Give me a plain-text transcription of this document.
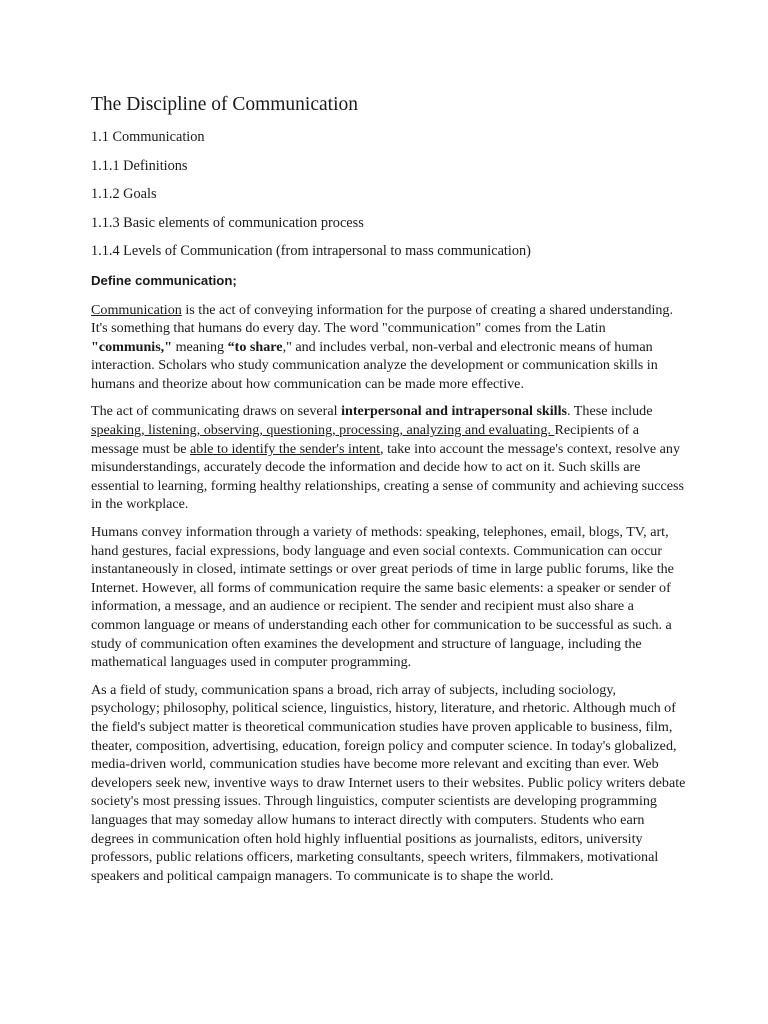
The Discipline of Communication
1.1 Communication
1.1.1 Definitions
1.1.2 Goals
1.1.3 Basic elements of communication process
1.1.4 Levels of Communication (from intrapersonal to mass communication)
Define communication;

Communication is the act of conveying information for the purpose of creating a shared understanding. It's something that humans do every day. The word "communication" comes from the Latin "communis," meaning “to share," and includes verbal, non-verbal and electronic means of human interaction. Scholars who study communication analyze the development or communication skills in humans and theorize about how communication can be made more effective.

The act of communicating draws on several interpersonal and intrapersonal skills. These include speaking, listening, observing, questioning, processing, analyzing and evaluating. Recipients of a message must be able to identify the sender's intent, take into account the message's context, resolve any misunderstandings, accurately decode the information and decide how to act on it. Such skills are essential to learning, forming healthy relationships, creating a sense of community and achieving success in the workplace.

Humans convey information through a variety of methods: speaking, telephones, email, blogs, TV, art, hand gestures, facial expressions, body language and even social contexts. Communication can occur instantaneously in closed, intimate settings or over great periods of time in large public forums, like the Internet. However, all forms of communication require the same basic elements: a speaker or sender of information, a message, and an audience or recipient. The sender and recipient must also share a common language or means of understanding each other for communication to be successful as such. a study of communication often examines the development and structure of language, including the mathematical languages used in computer programming.

As a field of study, communication spans a broad, rich array of subjects, including sociology, psychology; philosophy, political science, linguistics, history, literature, and rhetoric. Although much of the field's subject matter is theoretical communication studies have proven applicable to business, film, theater, composition, advertising, education, foreign policy and computer science. In today's globalized, media-driven world, communication studies have become more relevant and exciting than ever. Web developers seek new, inventive ways to draw Internet users to their websites. Public policy writers debate society's most pressing issues. Through linguistics, computer scientists are developing programming languages that may someday allow humans to interact directly with computers. Students who earn degrees in communication often hold highly influential positions as journalists, editors, university professors, public relations officers, marketing consultants, speech writers, filmmakers, motivational speakers and political campaign managers. To communicate is to shape the world.
